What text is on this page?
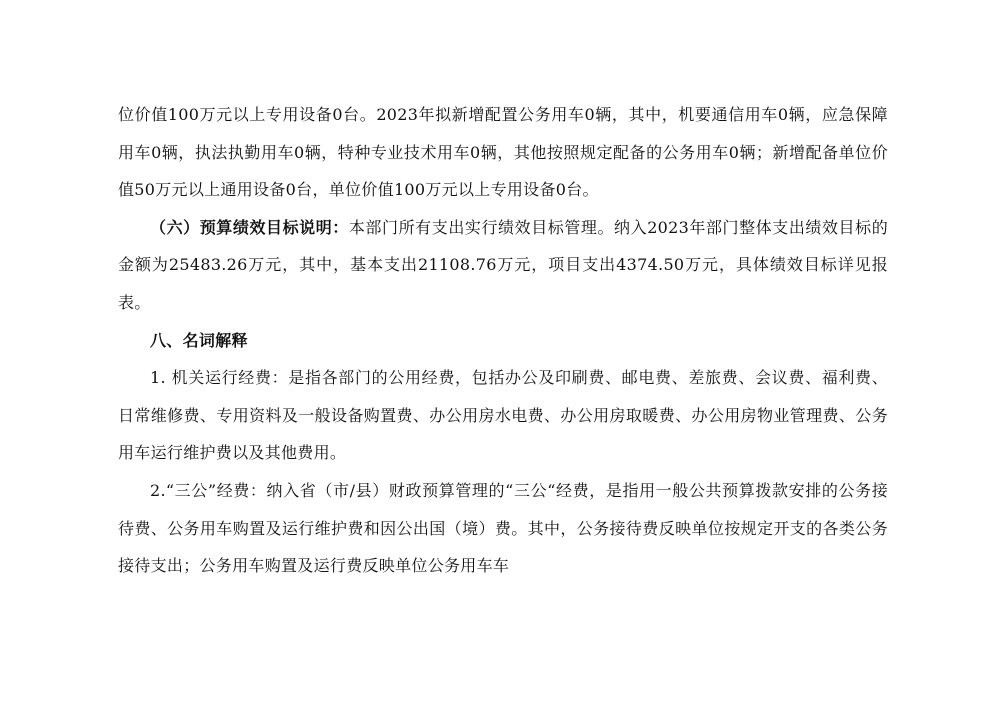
位价值100万元以上专用设备0台。2023年拟新增配置公务用车0辆，其中，机要通信用车0辆，应急保障用车0辆，执法执勤用车0辆，特种专业技术用车0辆，其他按照规定配备的公务用车0辆；新增配备单位价值50万元以上通用设备0台，单位价值100万元以上专用设备0台。

（六）预算绩效目标说明：本部门所有支出实行绩效目标管理。纳入2023年部门整体支出绩效目标的金额为25483.26万元，其中，基本支出21108.76万元，项目支出4374.50万元，具体绩效目标详见报表。

八、名词解释

1. 机关运行经费：是指各部门的公用经费，包括办公及印刷费、邮电费、差旅费、会议费、福利费、日常维修费、专用资料及一般设备购置费、办公用房水电费、办公用房取暖费、办公用房物业管理费、公务用车运行维护费以及其他费用。

2.“三公”经费：纳入省（市/县）财政预算管理的“三公“经费，是指用一般公共预算拨款安排的公务接待费、公务用车购置及运行维护费和因公出国（境）费。其中，公务接待费反映单位按规定开支的各类公务接待支出；公务用车购置及运行费反映单位公务用车车
